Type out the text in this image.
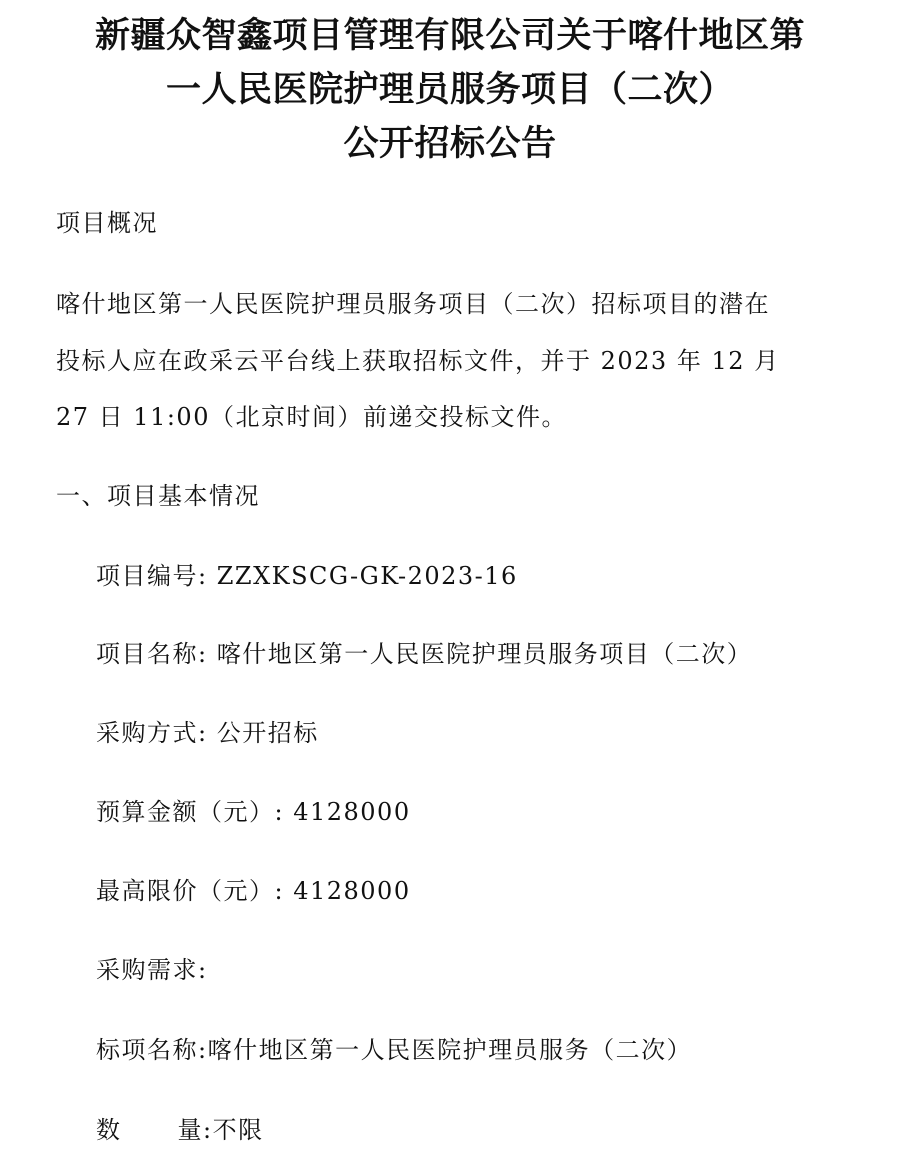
新疆众智鑫项目管理有限公司关于喀什地区第
一人民医院护理员服务项目（二次）
公开招标公告
项目概况
喀什地区第一人民医院护理员服务项目（二次）招标项目的潜在
投标人应在政采云平台线上获取招标文件，并于 2023 年 12 月
27 日 11:00（北京时间）前递交投标文件。
一、项目基本情况
项目编号: ZZXKSCG-GK-2023-16
项目名称: 喀什地区第一人民医院护理员服务项目（二次）
采购方式: 公开招标
预算金额（元）: 4128000
最高限价（元）: 4128000
采购需求:
标项名称:喀什地区第一人民医院护理员服务（二次）
数 量:不限
